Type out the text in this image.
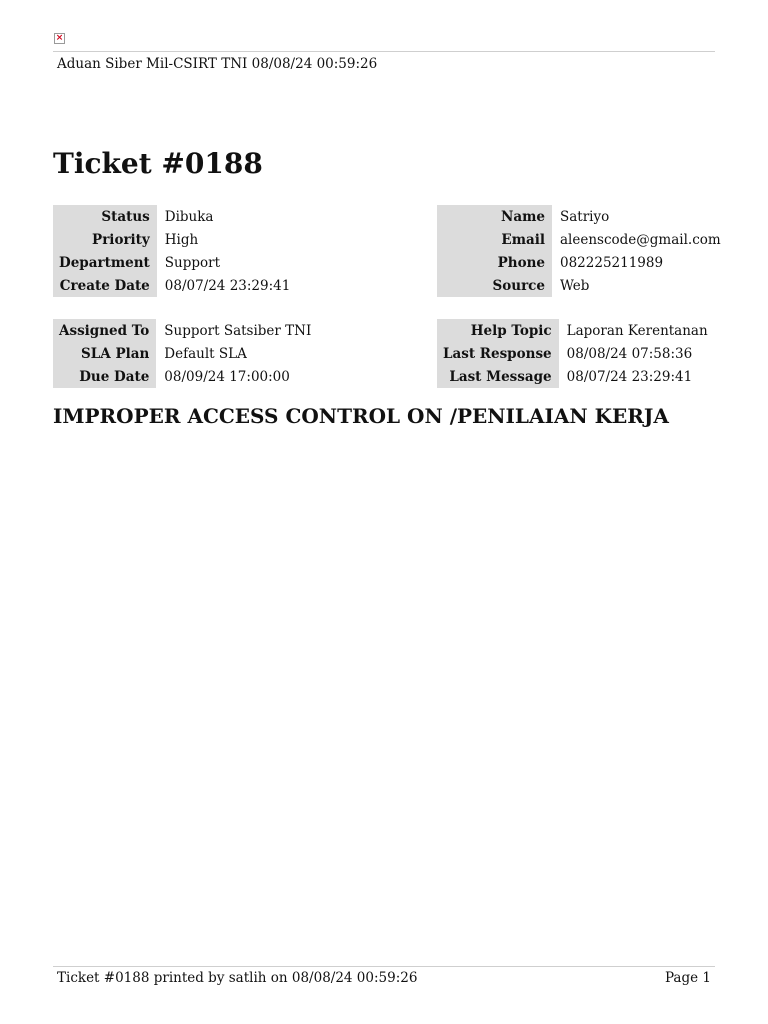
×
Aduan Siber Mil-CSIRT TNI 08/08/24 00:59:26
Ticket #0188
Status	Dibuka
Priority	High
Department	Support
Create Date	08/07/24 23:29:41
Name	Satriyo
Email	aleenscode@gmail.com
Phone	082225211989
Source	Web
Assigned To	Support Satsiber TNI
SLA Plan	Default SLA
Due Date	08/09/24 17:00:00
Help Topic	Laporan Kerentanan
Last Response	08/08/24 07:58:36
Last Message	08/07/24 23:29:41
IMPROPER ACCESS CONTROL ON /PENILAIAN KERJA
Ticket #0188 printed by satlih on 08/08/24 00:59:26	Page 1
